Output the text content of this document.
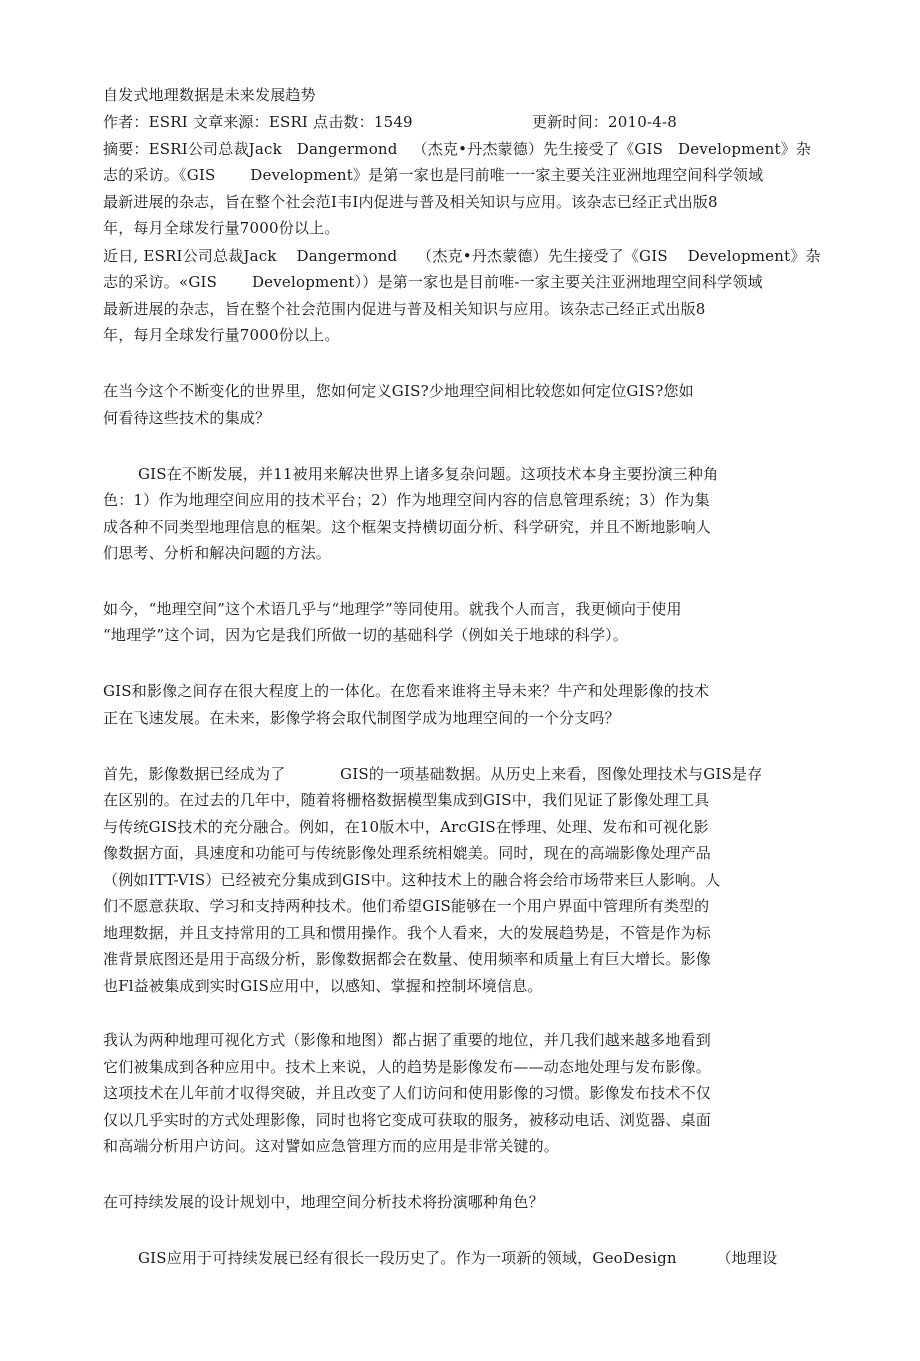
自发式地理数据是未来发展趋势
作者：ESRI 文章来源：ESRI 点击数：1549                        更新时间：2010-4-8
摘要：ESRI公司总裁Jack   Dangermond   （杰克•丹杰蒙德）先生接受了《GIS   Development》杂
志的采访。《GIS       Development》是第一家也是冃前唯一一家主要关注亚洲地理空间科学领域
最新进展的杂志，旨在整个社会范I韦I内促进与普及相关知识与应用。该杂志已经正式出版8
年，每月全球发行量7000份以上。
近日, ESRI公司总裁Jack    Dangermond    （杰克•丹杰蒙德）先生接受了《GIS    Development》杂
志的采访。«GIS       Development））是第一家也是目前唯-一家主要关注亚洲地理空间科学领域
最新进展的杂志，旨在整个社会范围内促进与普及相关知识与应用。该杂志己经正式出版8
年，每月全球发行量7000份以上。
在当今这个不断变化的世界里，您如何定义GIS?少地理空间相比较您如何定位GIS?您如
何看待这些技术的集成？
GIS在不断发展，并11被用来解决世界上诸多复杂问题。这项技术本身主要扮演三种角
色：1）作为地理空间应用的技术平台；2）作为地理空间内容的信息管理系统；3）作为集
成各种不同类型地理信息的框架。这个框架支持横切面分析、科学研究，并且不断地影响人
们思考、分析和解决问题的方法。
如今，“地理空间”这个术语几乎与“地理学”等同使用。就我个人而言，我更倾向于使用
“地理学”这个词，因为它是我们所做一切的基础科学（例如关于地球的科学）。
GIS和影像之间存在很大程度上的一体化。在您看来谁将主导未来？牛产和处理影像的技术
正在飞速发展。在未来，影像学将会取代制图学成为地理空间的一个分支吗？
首先，影像数据已经成为了           GIS的一项基础数据。从历史上来看，图像处理技术与GIS是存
在区别的。在过去的几年中，随着将栅格数据模型集成到GIS中，我们见证了影像处理工具
与传统GIS技术的充分融合。例如，在10版木中，ArcGIS在悸理、处理、发布和可视化影
像数据方面，具速度和功能可与传统影像处理系统相媲美。同时，现在的高端影像处理产品
（例如ITT-VIS）已经被充分集成到GIS中。这种技术上的融合将会给市场带来巨人影响。人
们不愿意获取、学习和支持两种技术。他们希望GIS能够在一个用户界面中管理所有类型的
地理数据，并且支持常用的工具和惯用操作。我个人看来，大的发展趋势是，不管是作为标
准背景底图还是用于高级分析，影像数据都会在数量、使用频率和质量上有巨大增长。影像
也Fl益被集成到实时GIS应用中，以感知、掌握和控制坏境信息。
我认为两种地理可视化方式（影像和地图）都占据了重要的地位，并几我们越来越多地看到
它们被集成到各种应用中。技术上来说，人的趋势是影像发布——动态地处理与发布影像。
这项技术在儿年前才収得突破，并且改变了人们访问和使用影像的习惯。影像发布技术不仅
仅以几乎实时的方式处理影像，同时也将它变成可获取的服务，被移动电话、浏览器、桌面
和高端分析用户访问。这对譬如应急管理方而的应用是非常关键的。
在可持续发展的设计规划中，地理空间分析技术将扮演哪种角色？
GIS应用于可持续发展已经有很长一段历史了。作为一项新的领域，GeoDesign        （地理设
